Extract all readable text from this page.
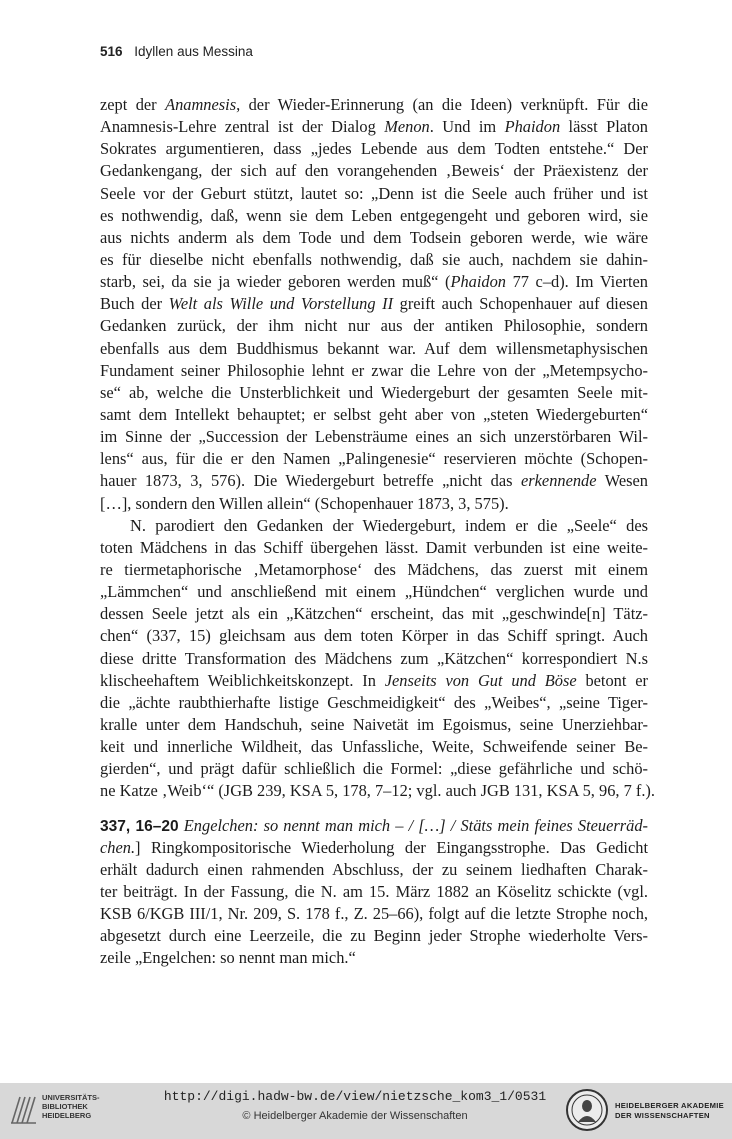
516 Idyllen aus Messina
zept der Anamnesis, der Wieder-Erinnerung (an die Ideen) verknüpft. Für die
Anamnesis-Lehre zentral ist der Dialog Menon. Und im Phaidon lässt Platon
Sokrates argumentieren, dass „jedes Lebende aus dem Todten entstehe.“ Der
Gedankengang, der sich auf den vorangehenden ‚Beweis‘ der Präexistenz der
Seele vor der Geburt stützt, lautet so: „Denn ist die Seele auch früher und ist
es nothwendig, daß, wenn sie dem Leben entgegengeht und geboren wird, sie
aus nichts anderm als dem Tode und dem Todsein geboren werde, wie wäre
es für dieselbe nicht ebenfalls nothwendig, daß sie auch, nachdem sie dahin-
starb, sei, da sie ja wieder geboren werden muß“ (Phaidon 77 c–d). Im Vierten
Buch der Welt als Wille und Vorstellung II greift auch Schopenhauer auf diesen
Gedanken zurück, der ihm nicht nur aus der antiken Philosophie, sondern
ebenfalls aus dem Buddhismus bekannt war. Auf dem willensmetaphysischen
Fundament seiner Philosophie lehnt er zwar die Lehre von der „Metempsycho-
se“ ab, welche die Unsterblichkeit und Wiedergeburt der gesamten Seele mit-
samt dem Intellekt behauptet; er selbst geht aber von „steten Wiedergeburten“
im Sinne der „Succession der Lebensträume eines an sich unzerstörbaren Wil-
lens“ aus, für die er den Namen „Palingenesie“ reservieren möchte (Schopen-
hauer 1873, 3, 576). Die Wiedergeburt betreffe „nicht das erkennende Wesen
[…], sondern den Willen allein“ (Schopenhauer 1873, 3, 575).
N. parodiert den Gedanken der Wiedergeburt, indem er die „Seele“ des
toten Mädchens in das Schiff übergehen lässt. Damit verbunden ist eine weite-
re tiermetaphorische ‚Metamorphose‘ des Mädchens, das zuerst mit einem
„Lämmchen“ und anschließend mit einem „Hündchen“ verglichen wurde und
dessen Seele jetzt als ein „Kätzchen“ erscheint, das mit „geschwinde[n] Tätz-
chen“ (337, 15) gleichsam aus dem toten Körper in das Schiff springt. Auch
diese dritte Transformation des Mädchens zum „Kätzchen“ korrespondiert N.s
klischeehaftem Weiblichkeitskonzept. In Jenseits von Gut und Böse betont er
die „ächte raubthierhafte listige Geschmeidigkeit“ des „Weibes“, „seine Tiger-
kralle unter dem Handschuh, seine Naivetät im Egoismus, seine Unerziehbar-
keit und innerliche Wildheit, das Unfassliche, Weite, Schweifende seiner Be-
gierden“, und prägt dafür schließlich die Formel: „diese gefährliche und schö-
ne Katze ‚Weib‘“ (JGB 239, KSA 5, 178, 7–12; vgl. auch JGB 131, KSA 5, 96, 7 f.).
337, 16–20 Engelchen: so nennt man mich – / […] / Stäts mein feines Steuerräd-
chen.] Ringkompositorische Wiederholung der Eingangsstrophe. Das Gedicht
erhält dadurch einen rahmenden Abschluss, der zu seinem liedhaften Charak-
ter beiträgt. In der Fassung, die N. am 15. März 1882 an Köselitz schickte (vgl.
KSB 6/KGB III/1, Nr. 209, S. 178 f., Z. 25–66), folgt auf die letzte Strophe noch,
abgesetzt durch eine Leerzeile, die zu Beginn jeder Strophe wiederholte Vers-
zeile „Engelchen: so nennt man mich.“
UNIVERSITÄTS-
BIBLIOTHEK
HEIDELBERG
http://digi.hadw-bw.de/view/nietzsche_kom3_1/0531
© Heidelberger Akademie der Wissenschaften
HEIDELBERGER AKADEMIE
DER WISSENSCHAFTEN
